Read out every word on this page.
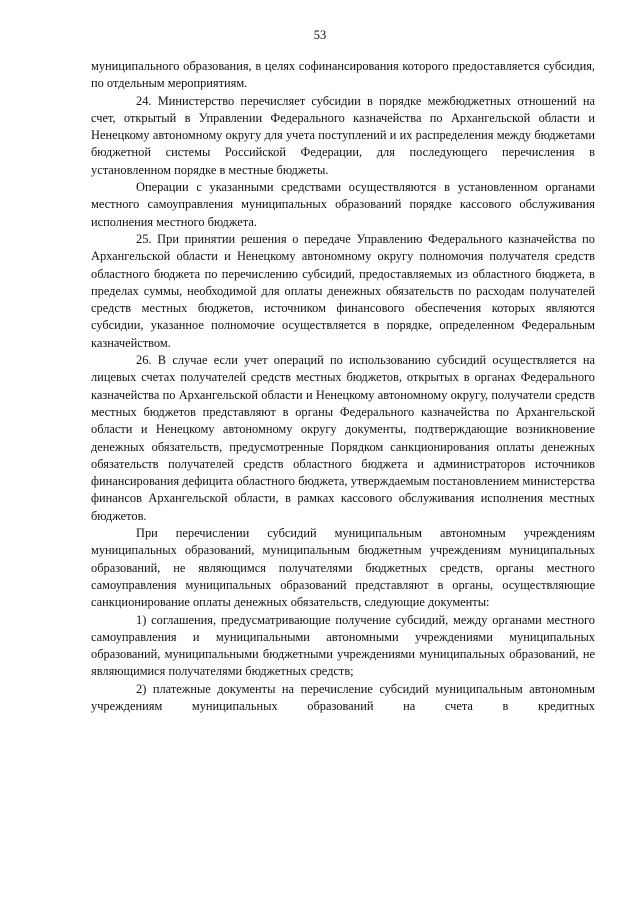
53

муниципального образования, в целях софинансирования которого предоставляется субсидия, по отдельным мероприятиям.

24. Министерство перечисляет субсидии в порядке межбюджетных отношений на счет, открытый в Управлении Федерального казначейства по Архангельской области и Ненецкому автономному округу для учета поступлений и их распределения между бюджетами бюджетной системы Российской Федерации, для последующего перечисления в установленном порядке в местные бюджеты.

Операции с указанными средствами осуществляются в установленном органами местного самоуправления муниципальных образований порядке кассового обслуживания исполнения местного бюджета.

25. При принятии решения о передаче Управлению Федерального казначейства по Архангельской области и Ненецкому автономному округу полномочия получателя средств областного бюджета по перечислению субсидий, предоставляемых из областного бюджета, в пределах суммы, необходимой для оплаты денежных обязательств по расходам получателей средств местных бюджетов, источником финансового обеспечения которых являются субсидии, указанное полномочие осуществляется в порядке, определенном Федеральным казначейством.

26. В случае если учет операций по использованию субсидий осуществляется на лицевых счетах получателей средств местных бюджетов, открытых в органах Федерального казначейства по Архангельской области и Ненецкому автономному округу, получатели средств местных бюджетов представляют в органы Федерального казначейства по Архангельской области и Ненецкому автономному округу документы, подтверждающие возникновение денежных обязательств, предусмотренные Порядком санкционирования оплаты денежных обязательств получателей средств областного бюджета и администраторов источников финансирования дефицита областного бюджета, утверждаемым постановлением министерства финансов Архангельской области, в рамках кассового обслуживания исполнения местных бюджетов.

При перечислении субсидий муниципальным автономным учреждениям муниципальных образований, муниципальным бюджетным учреждениям муниципальных образований, не являющимся получателями бюджетных средств, органы местного самоуправления муниципальных образований представляют в органы, осуществляющие санкционирование оплаты денежных обязательств, следующие документы:

1) соглашения, предусматривающие получение субсидий, между органами местного самоуправления и муниципальными автономными учреждениями муниципальных образований, муниципальными бюджетными учреждениями муниципальных образований, не являющимися получателями бюджетных средств;

2) платежные документы на перечисление субсидий муниципальным автономным учреждениям муниципальных образований на счета в кредитных
